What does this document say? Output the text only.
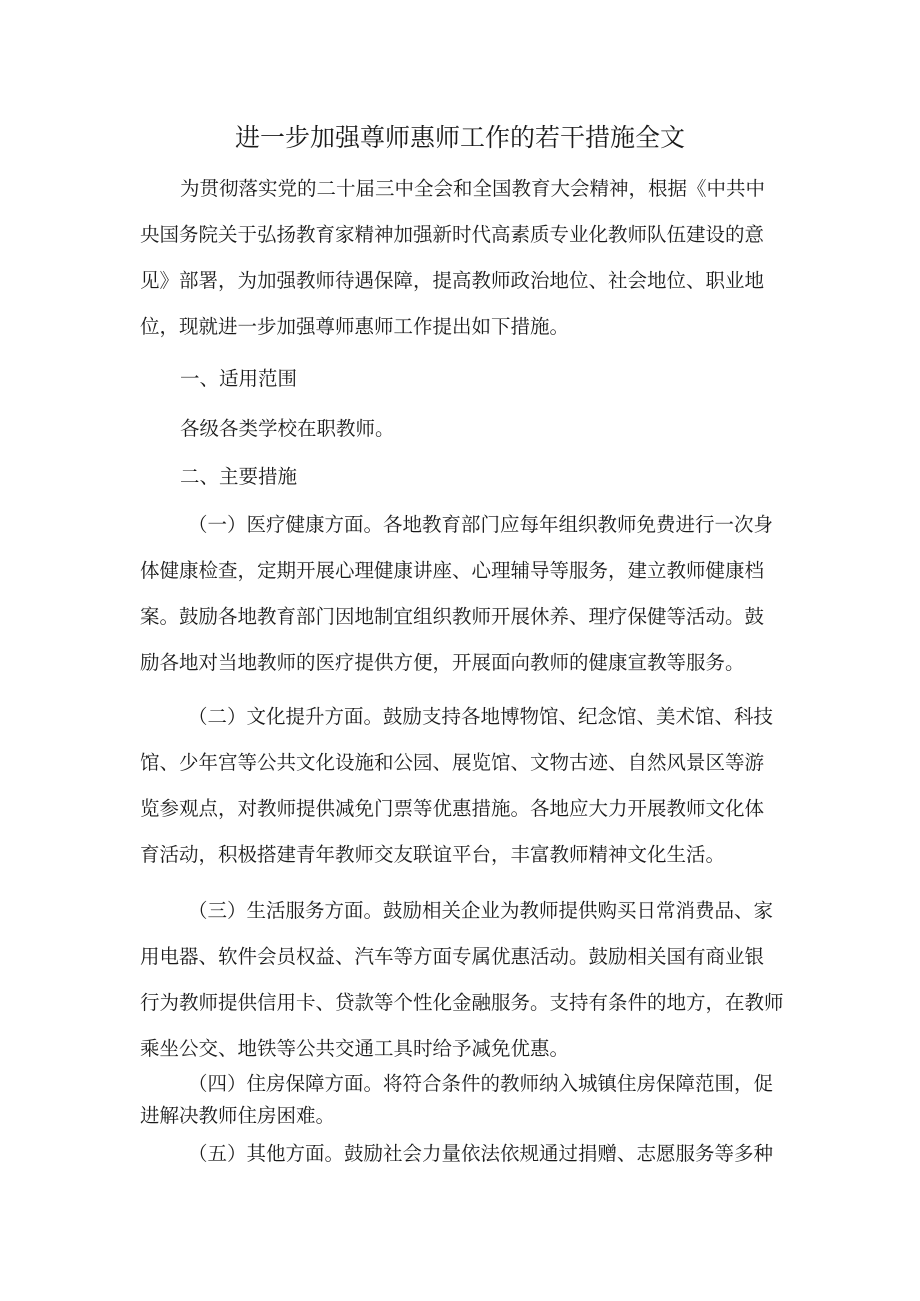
进一步加强尊师惠师工作的若干措施全文
为贯彻落实党的二十届三中全会和全国教育大会精神，根据《中共中
央国务院关于弘扬教育家精神加强新时代高素质专业化教师队伍建设的意
见》部署，为加强教师待遇保障，提高教师政治地位、社会地位、职业地
位，现就进一步加强尊师惠师工作提出如下措施。
一、适用范围
各级各类学校在职教师。
二、主要措施
（一）医疗健康方面。各地教育部门应每年组织教师免费进行一次身
体健康检查，定期开展心理健康讲座、心理辅导等服务，建立教师健康档
案。鼓励各地教育部门因地制宜组织教师开展休养、理疗保健等活动。鼓
励各地对当地教师的医疗提供方便，开展面向教师的健康宣教等服务。
（二）文化提升方面。鼓励支持各地博物馆、纪念馆、美术馆、科技
馆、少年宫等公共文化设施和公园、展览馆、文物古迹、自然风景区等游
览参观点，对教师提供减免门票等优惠措施。各地应大力开展教师文化体
育活动，积极搭建青年教师交友联谊平台，丰富教师精神文化生活。
（三）生活服务方面。鼓励相关企业为教师提供购买日常消费品、家
用电器、软件会员权益、汽车等方面专属优惠活动。鼓励相关国有商业银
行为教师提供信用卡、贷款等个性化金融服务。支持有条件的地方，在教师
乘坐公交、地铁等公共交通工具时给予减免优惠。
（四）住房保障方面。将符合条件的教师纳入城镇住房保障范围，促
进解决教师住房困难。
（五）其他方面。鼓励社会力量依法依规通过捐赠、志愿服务等多种
